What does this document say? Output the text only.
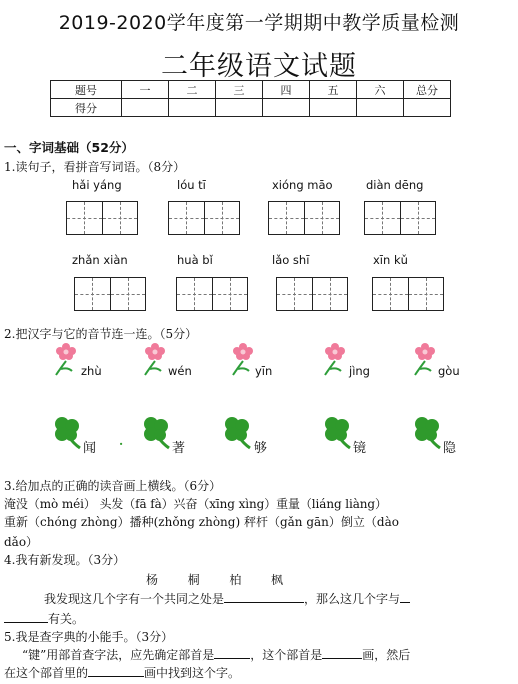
2019-2020学年度第一学期期中教学质量检测
二年级语文试题
题号	一	二	三	四	五	六	总分
得分							
一、字词基础（52分）
1.读句子，看拼音写词语。（8分）
hǎi yáng	lóu tī	xióng māo	diàn dēng
zhǎn xiàn	huà bǐ	lǎo shī	xīn kǔ
2.把汉字与它的音节连一连。（5分）
zhù	wén	yīn	jìng	gòu
闻 .	著	够	镜	隐
3.给加点的正确的读音画上横线。（6分）
淹没（mò méi） 头发（fā fà）兴奋（xīng xìng）重量（liáng liàng）
重新（chóng zhòng）播种(zhǒng zhòng) 秤杆（gǎn gān）倒立（dào
dǎo）
4.我有新发现。（3分）
杨 桐 柏 枫
我发现这几个字有一个共同之处是	，那么这几个字与
有关。
5.我是查字典的小能手。（3分）
“键”用部首查字法，应先确定部首是	，这个部首是	画，然后
在这个部首里的	画中找到这个字。
